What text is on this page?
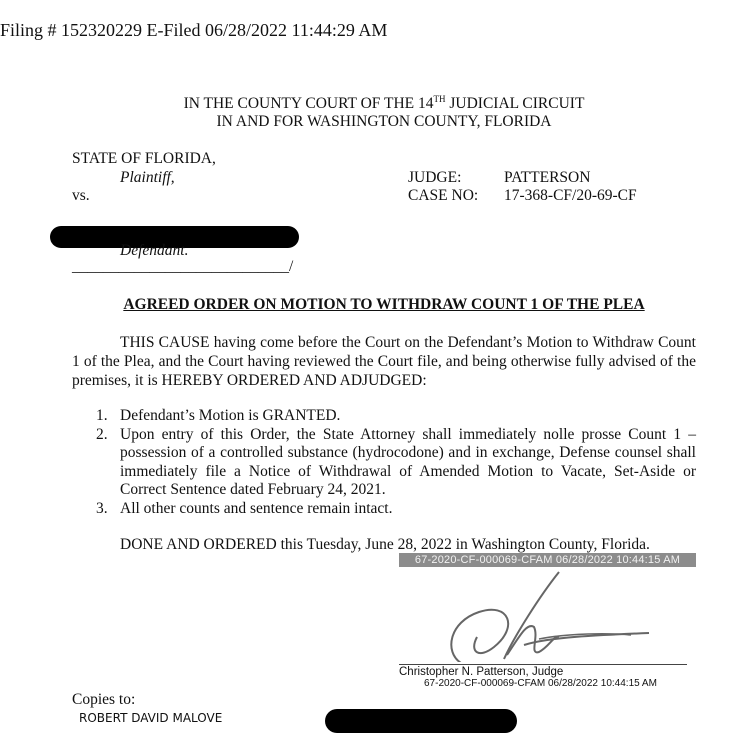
Filing # 152320229 E-Filed 06/28/2022 11:44:29 AM
IN THE COUNTY COURT OF THE 14TH JUDICIAL CIRCUIT
IN AND FOR WASHINGTON COUNTY, FLORIDA
STATE OF FLORIDA,
Plaintiff,
vs.
JUDGE:	PATTERSON
CASE NO: 17-368-CF/20-69-CF
Defendant.
____________________________/
AGREED ORDER ON MOTION TO WITHDRAW COUNT 1 OF THE PLEA
THIS CAUSE having come before the Court on the Defendant’s Motion to Withdraw Count 1 of the Plea, and the Court having reviewed the Court file, and being otherwise fully advised of the premises, it is HEREBY ORDERED AND ADJUDGED:
1. Defendant’s Motion is GRANTED.
2. Upon entry of this Order, the State Attorney shall immediately nolle prosse Count 1 – possession of a controlled substance (hydrocodone) and in exchange, Defense counsel shall immediately file a Notice of Withdrawal of Amended Motion to Vacate, Set-Aside or Correct Sentence dated February 24, 2021.
3. All other counts and sentence remain intact.
DONE AND ORDERED this Tuesday, June 28, 2022 in Washington County, Florida.
67-2020-CF-000069-CFAM 06/28/2022 10:44:15 AM
Christopher N. Patterson, Judge
67-2020-CF-000069-CFAM 06/28/2022 10:44:15 AM
Copies to:
ROBERT DAVID MALOVE
